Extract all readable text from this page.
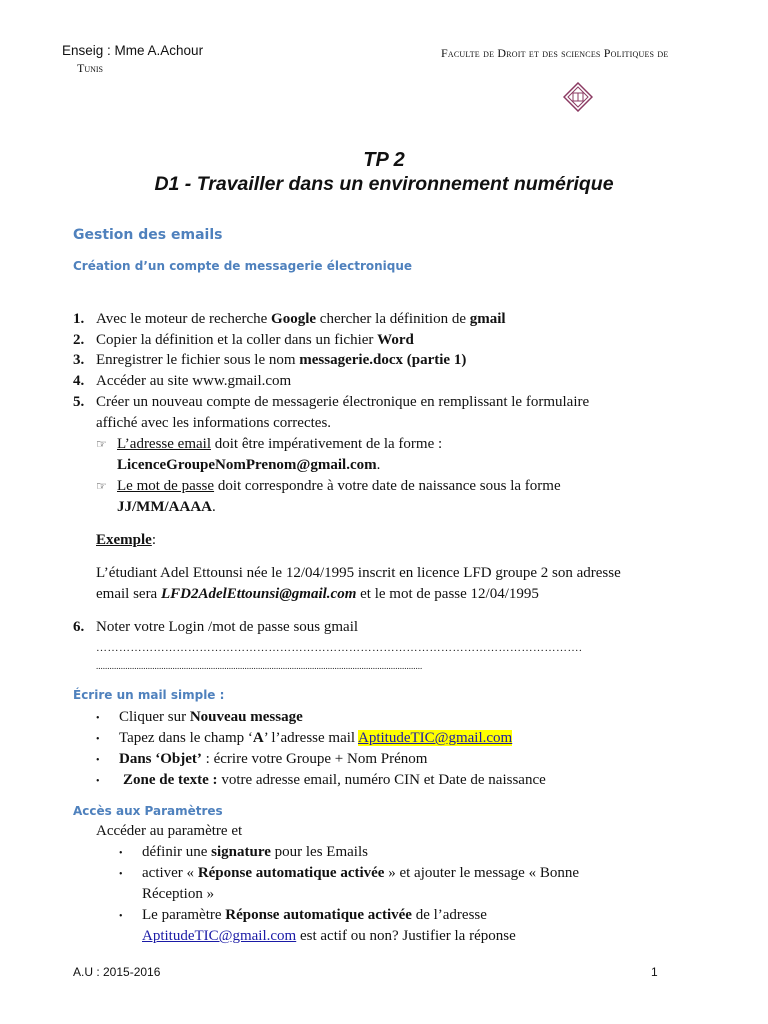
Enseig : Mme A.Achour	Faculte de Droit et des sciences Politiques de
Tunis
TP 2
D1 - Travailler dans un environnement numérique
Gestion des emails
Création d’un compte de messagerie électronique
1. Avec le moteur de recherche Google chercher la définition de gmail
2. Copier la définition et la coller dans un fichier Word
3. Enregistrer le fichier sous le nom messagerie.docx (partie 1)
4. Accéder au site www.gmail.com
5. Créer un nouveau compte de messagerie électronique en remplissant le formulaire
affiché avec les informations correctes.
☞ L’adresse email doit être impérativement de la forme :
LicenceGroupeNomPrenom@gmail.com.
☞ Le mot de passe doit correspondre à votre date de naissance sous la forme
JJ/MM/AAAA.
Exemple:
L’étudiant Adel Ettounsi née le 12/04/1995 inscrit en licence LFD groupe 2 son adresse
email sera LFD2AdelEttounsi@gmail.com et le mot de passe 12/04/1995
6. Noter votre Login /mot de passe sous gmail
……………………………………………………………………………………………………………….
.................................................................................................................................................
Écrire un mail simple :
• Cliquer sur Nouveau message
• Tapez dans le champ ‘A’ l’adresse mail AptitudeTIC@gmail.com
• Dans ‘Objet’ : écrire votre Groupe + Nom Prénom
• Zone de texte : votre adresse email, numéro CIN et Date de naissance
Accès aux Paramètres
Accéder au paramètre et
• définir une signature pour les Emails
• activer « Réponse automatique activée » et ajouter le message « Bonne
Réception »
• Le paramètre Réponse automatique activée de l’adresse
AptitudeTIC@gmail.com est actif ou non? Justifier la réponse
A.U : 2015-2016	1
